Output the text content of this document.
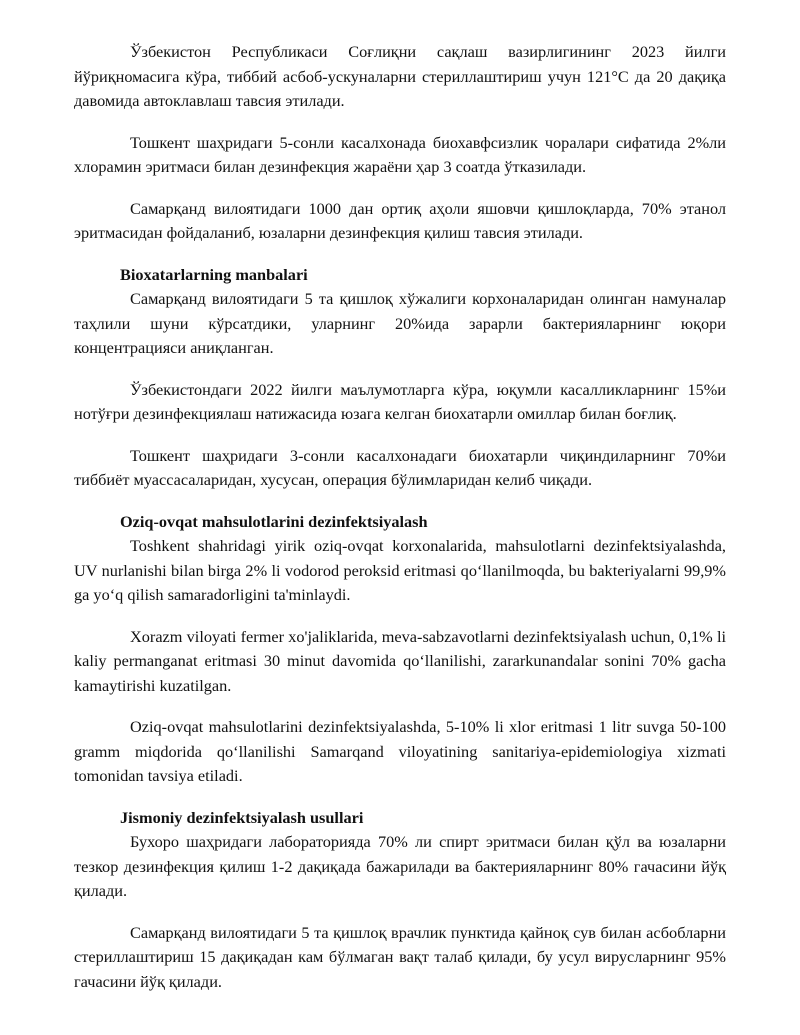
Ўзбекистон Республикаси Соғлиқни сақлаш вазирлигининг 2023 йилги йўриқномасига кўра, тиббий асбоб-ускуналарни стериллаштириш учун 121°C да 20 дақиқа давомида автоклавлаш тавсия этилади.

Тошкент шаҳридаги 5-сонли касалхонада биохавфсизлик чоралари сифатида 2%ли хлорамин эритмаси билан дезинфекция жараёни ҳар 3 соатда ўтказилади.

Самарқанд вилоятидаги 1000 дан ортиқ аҳоли яшовчи қишлоқларда, 70% этанол эритмасидан фойдаланиб, юзаларни дезинфекция қилиш тавсия этилади.

Bioxatarlarning manbalari

Самарқанд вилоятидаги 5 та қишлоқ хўжалиги корхоналаридан олинган намуналар таҳлили шуни кўрсатдики, уларнинг 20%ида зарарли бактерияларнинг юқори концентрацияси аниқланган.

Ўзбекистондаги 2022 йилги маълумотларга кўра, юқумли касалликларнинг 15%и нотўғри дезинфекциялаш натижасида юзага келган биохатарли омиллар билан боғлиқ.

Тошкент шаҳридаги 3-сонли касалхонадаги биохатарли чиқиндиларнинг 70%и тиббиёт муассасаларидан, хусусан, операция бўлимларидан келиб чиқади.

Oziq-ovqat mahsulotlarini dezinfektsiyalash

Toshkent shahridagi yirik oziq-ovqat korxonalarida, mahsulotlarni dezinfektsiyalashda, UV nurlanishi bilan birga 2% li vodorod peroksid eritmasi qo‘llanilmoqda, bu bakteriyalarni 99,9% ga yo‘q qilish samaradorligini ta'minlaydi.

Xorazm viloyati fermer xo'jaliklarida, meva-sabzavotlarni dezinfektsiyalash uchun, 0,1% li kaliy permanganat eritmasi 30 minut davomida qo‘llanilishi, zararkunandalar sonini 70% gacha kamaytirishi kuzatilgan.

Oziq-ovqat mahsulotlarini dezinfektsiyalashda, 5-10% li xlor eritmasi 1 litr suvga 50-100 gramm miqdorida qo‘llanilishi Samarqand viloyatining sanitariya-epidemiologiya xizmati tomonidan tavsiya etiladi.

Jismoniy dezinfektsiyalash usullari

Бухоро шаҳридаги лабораторияда 70% ли спирт эритмаси билан қўл ва юзаларни тезкор дезинфекция қилиш 1-2 дақиқада бажарилади ва бактерияларнинг 80% гачасини йўқ қилади.

Самарқанд вилоятидаги 5 та қишлоқ врачлик пунктида қайноқ сув билан асбобларни стериллаштириш 15 дақиқадан кам бўлмаган вақт талаб қилади, бу усул вирусларнинг 95% гачасини йўқ қилади.
